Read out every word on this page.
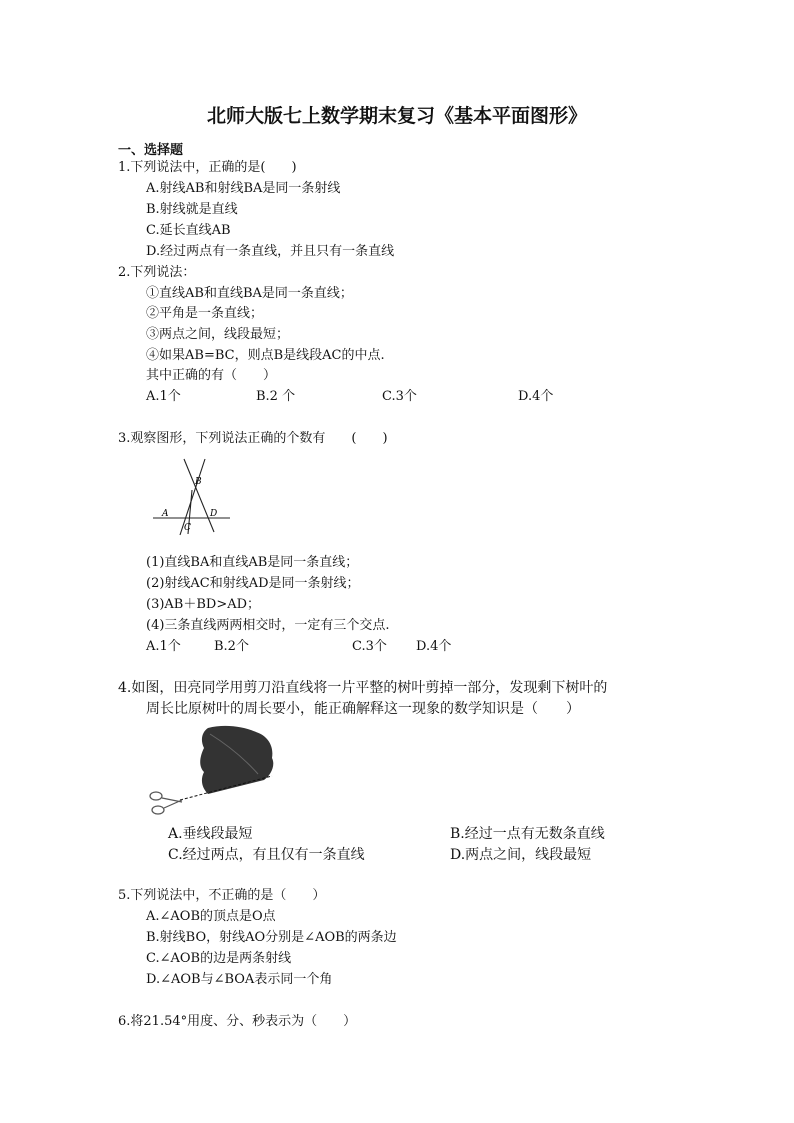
北师大版七上数学期末复习《基本平面图形》
一、选择题
1.下列说法中，正确的是(　　)
A.射线AB和射线BA是同一条射线
B.射线就是直线
C.延长直线AB
D.经过两点有一条直线，并且只有一条直线
2.下列说法：
①直线AB和直线BA是同一条直线；
②平角是一条直线；
③两点之间，线段最短；
④如果AB=BC，则点B是线段AC的中点.
其中正确的有（　　）
A.1个	B.2 个	C.3个	D.4个
3.观察图形，下列说法正确的个数有　　(　　)
B
A
C
D
(1)直线BA和直线AB是同一条直线；
(2)射线AC和射线AD是同一条射线；
(3)AB＋BD>AD；
(4)三条直线两两相交时，一定有三个交点.
A.1个	B.2个	C.3个 D.4个
4.如图，田亮同学用剪刀沿直线将一片平整的树叶剪掉一部分，发现剩下树叶的
周长比原树叶的周长要小，能正确解释这一现象的数学知识是（　　）
A.垂线段最短	B.经过一点有无数条直线
C.经过两点，有且仅有一条直线	D.两点之间，线段最短
5.下列说法中，不正确的是（　　）
A.∠AOB的顶点是O点
B.射线BO，射线AO分别是∠AOB的两条边
C.∠AOB的边是两条射线
D.∠AOB与∠BOA表示同一个角
6.将21.54°用度、分、秒表示为（　　）
